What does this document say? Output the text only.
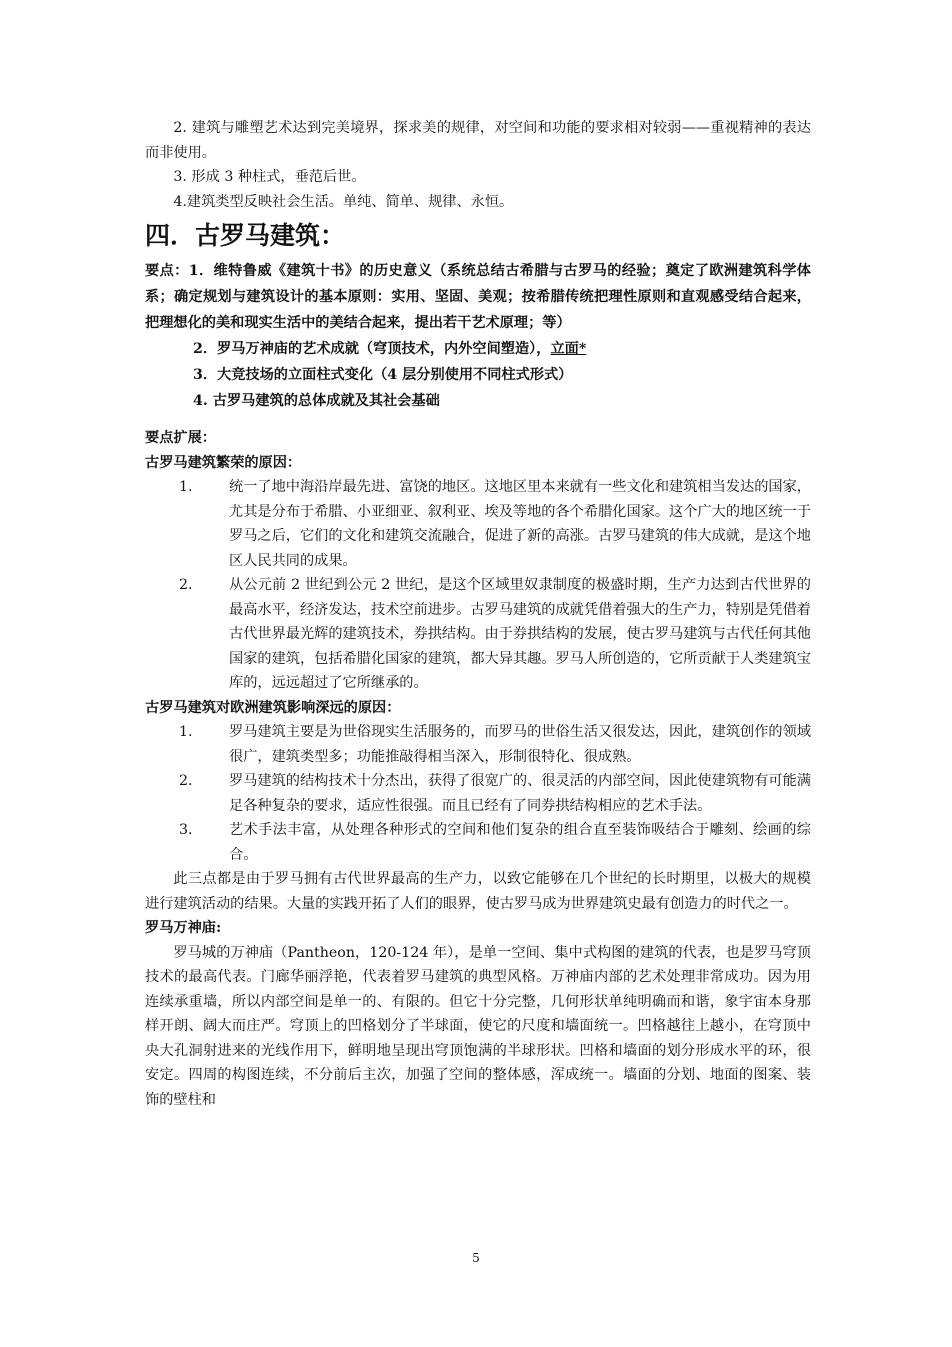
2. 建筑与雕塑艺术达到完美境界，探求美的规律，对空间和功能的要求相对较弱——重视精神的表达而非使用。

3. 形成 3 种柱式，垂范后世。

4.建筑类型反映社会生活。单纯、简单、规律、永恒。

四．古罗马建筑：

要点：1．维特鲁威《建筑十书》的历史意义（系统总结古希腊与古罗马的经验；奠定了欧洲建筑科学体系；确定规划与建筑设计的基本原则：实用、坚固、美观；按希腊传统把理性原则和直观感受结合起来，把理想化的美和现实生活中的美结合起来，提出若干艺术原理；等）

2．罗马万神庙的艺术成就（穹顶技术，内外空间塑造），立面*

3．大竞技场的立面柱式变化（4 层分别使用不同柱式形式）

4. 古罗马建筑的总体成就及其社会基础

要点扩展：

古罗马建筑繁荣的原因：

1.	统一了地中海沿岸最先进、富饶的地区。这地区里本来就有一些文化和建筑相当发达的国家，尤其是分布于希腊、小亚细亚、叙利亚、埃及等地的各个希腊化国家。这个广大的地区统一于罗马之后，它们的文化和建筑交流融合，促进了新的高涨。古罗马建筑的伟大成就，是这个地区人民共同的成果。
2.	从公元前 2 世纪到公元 2 世纪，是这个区域里奴隶制度的极盛时期，生产力达到古代世界的最高水平，经济发达，技术空前进步。古罗马建筑的成就凭借着强大的生产力，特别是凭借着古代世界最光辉的建筑技术，券拱结构。由于券拱结构的发展，使古罗马建筑与古代任何其他国家的建筑，包括希腊化国家的建筑，都大异其趣。罗马人所创造的，它所贡献于人类建筑宝库的，远远超过了它所继承的。

古罗马建筑对欧洲建筑影响深远的原因：

1.	罗马建筑主要是为世俗现实生活服务的，而罗马的世俗生活又很发达，因此，建筑创作的领域很广，建筑类型多；功能推敲得相当深入，形制很特化、很成熟。
2.	罗马建筑的结构技术十分杰出，获得了很宽广的、很灵活的内部空间，因此使建筑物有可能满足各种复杂的要求，适应性很强。而且已经有了同券拱结构相应的艺术手法。
3.	艺术手法丰富，从处理各种形式的空间和他们复杂的组合直至装饰吸结合于雕刻、绘画的综合。

此三点都是由于罗马拥有古代世界最高的生产力，以致它能够在几个世纪的长时期里，以极大的规模进行建筑活动的结果。大量的实践开拓了人们的眼界，使古罗马成为世界建筑史最有创造力的时代之一。

罗马万神庙:

罗马城的万神庙（Pantheon，120-124 年），是单一空间、集中式构图的建筑的代表，也是罗马穹顶技术的最高代表。门廊华丽浮艳，代表着罗马建筑的典型风格。万神庙内部的艺术处理非常成功。因为用连续承重墙，所以内部空间是单一的、有限的。但它十分完整，几何形状单纯明确而和谐，象宇宙本身那样开朗、阔大而庄严。穹顶上的凹格划分了半球面，使它的尺度和墙面统一。凹格越往上越小，在穹顶中央大孔洞射进来的光线作用下，鲜明地呈现出穹顶饱满的半球形状。凹格和墙面的划分形成水平的环，很安定。四周的构图连续，不分前后主次，加强了空间的整体感，浑成统一。墙面的分划、地面的图案、装饰的壁柱和

5
